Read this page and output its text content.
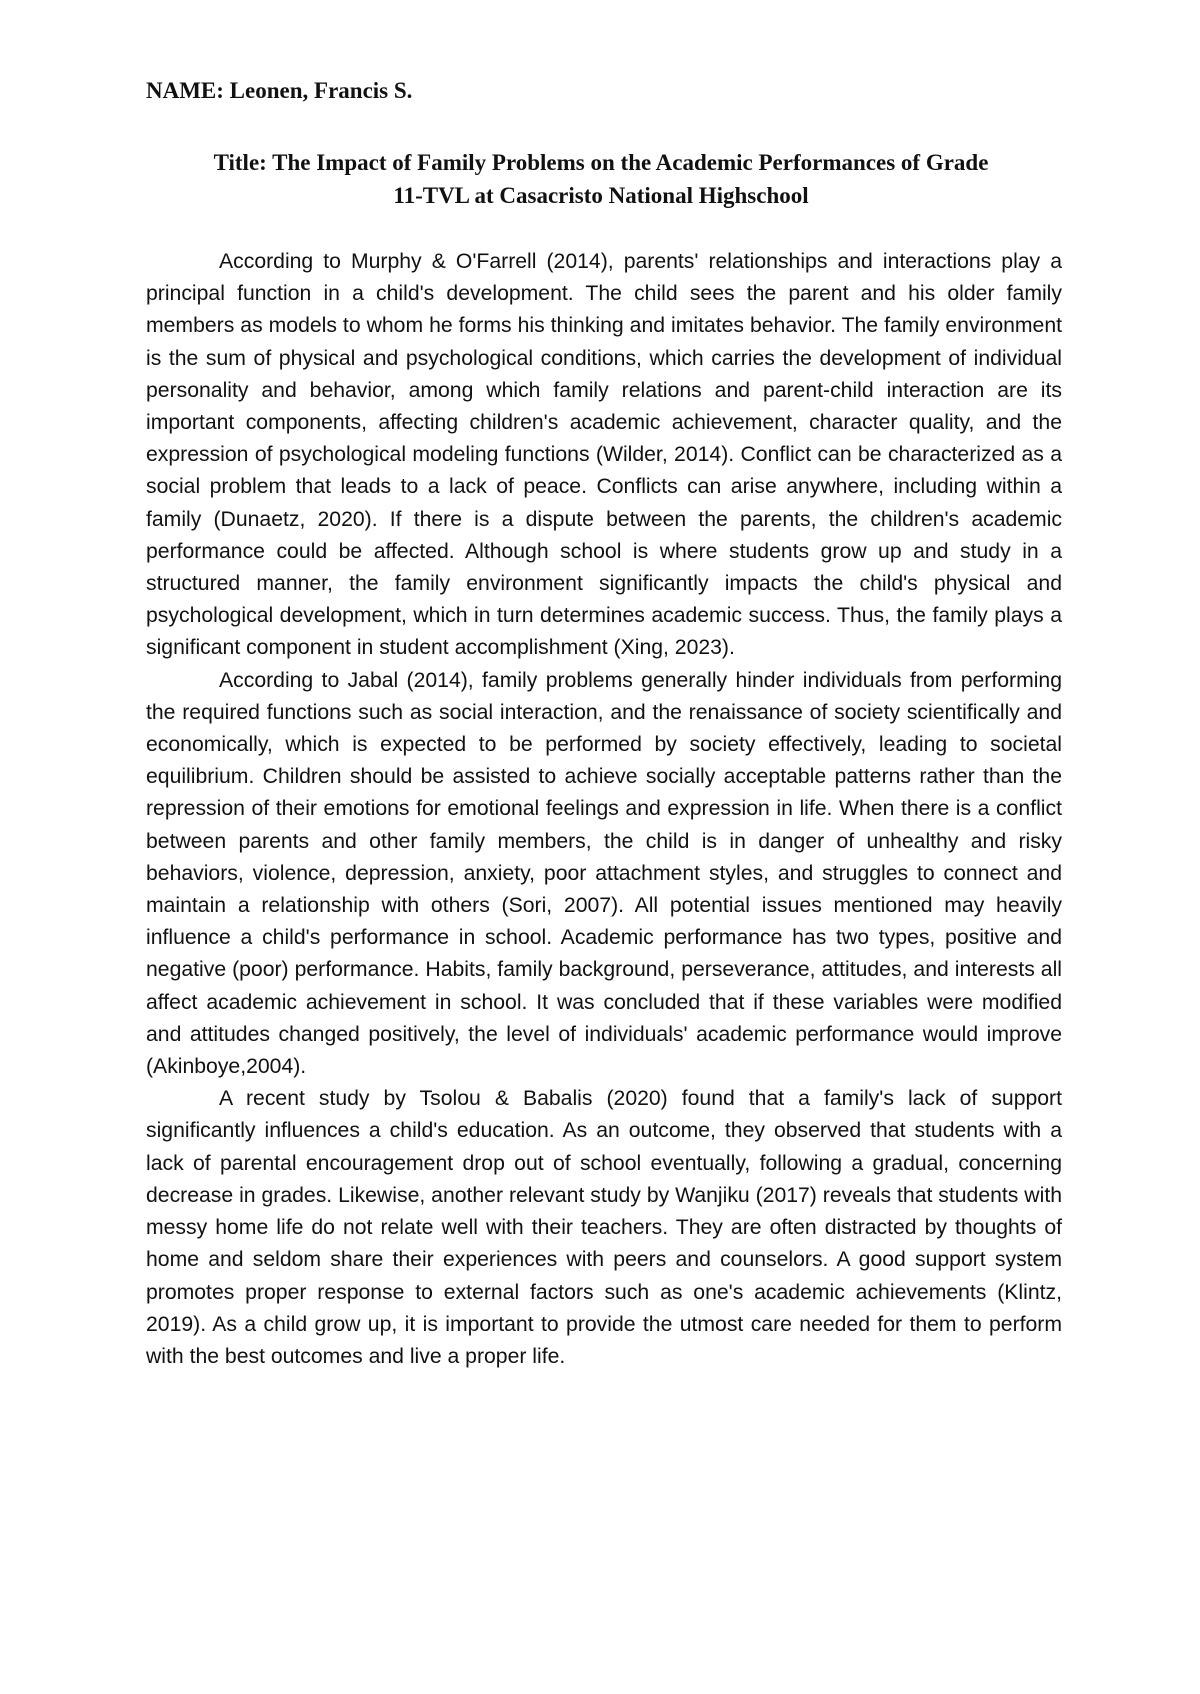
NAME: Leonen, Francis S.
Title: The Impact of Family Problems on the Academic Performances of Grade
11-TVL at Casacristo National Highschool

According to Murphy & O'Farrell (2014), parents' relationships and interactions play a principal function in a child's development. The child sees the parent and his older family members as models to whom he forms his thinking and imitates behavior. The family environment is the sum of physical and psychological conditions, which carries the development of individual personality and behavior, among which family relations and parent-child interaction are its important components, affecting children's academic achievement, character quality, and the expression of psychological modeling functions (Wilder, 2014). Conflict can be characterized as a social problem that leads to a lack of peace. Conflicts can arise anywhere, including within a family (Dunaetz, 2020). If there is a dispute between the parents, the children's academic performance could be affected. Although school is where students grow up and study in a structured manner, the family environment significantly impacts the child's physical and psychological development, which in turn determines academic success. Thus, the family plays a significant component in student accomplishment (Xing, 2023).

According to Jabal (2014), family problems generally hinder individuals from performing the required functions such as social interaction, and the renaissance of society scientifically and economically, which is expected to be performed by society effectively, leading to societal equilibrium. Children should be assisted to achieve socially acceptable patterns rather than the repression of their emotions for emotional feelings and expression in life. When there is a conflict between parents and other family members, the child is in danger of unhealthy and risky behaviors, violence, depression, anxiety, poor attachment styles, and struggles to connect and maintain a relationship with others (Sori, 2007). All potential issues mentioned may heavily influence a child's performance in school. Academic performance has two types, positive and negative (poor) performance. Habits, family background, perseverance, attitudes, and interests all affect academic achievement in school. It was concluded that if these variables were modified and attitudes changed positively, the level of individuals' academic performance would improve (Akinboye,2004).

A recent study by Tsolou & Babalis (2020) found that a family's lack of support significantly influences a child's education. As an outcome, they observed that students with a lack of parental encouragement drop out of school eventually, following a gradual, concerning decrease in grades. Likewise, another relevant study by Wanjiku (2017) reveals that students with messy home life do not relate well with their teachers. They are often distracted by thoughts of home and seldom share their experiences with peers and counselors. A good support system promotes proper response to external factors such as one's academic achievements (Klintz, 2019). As a child grow up, it is important to provide the utmost care needed for them to perform with the best outcomes and live a proper life.
